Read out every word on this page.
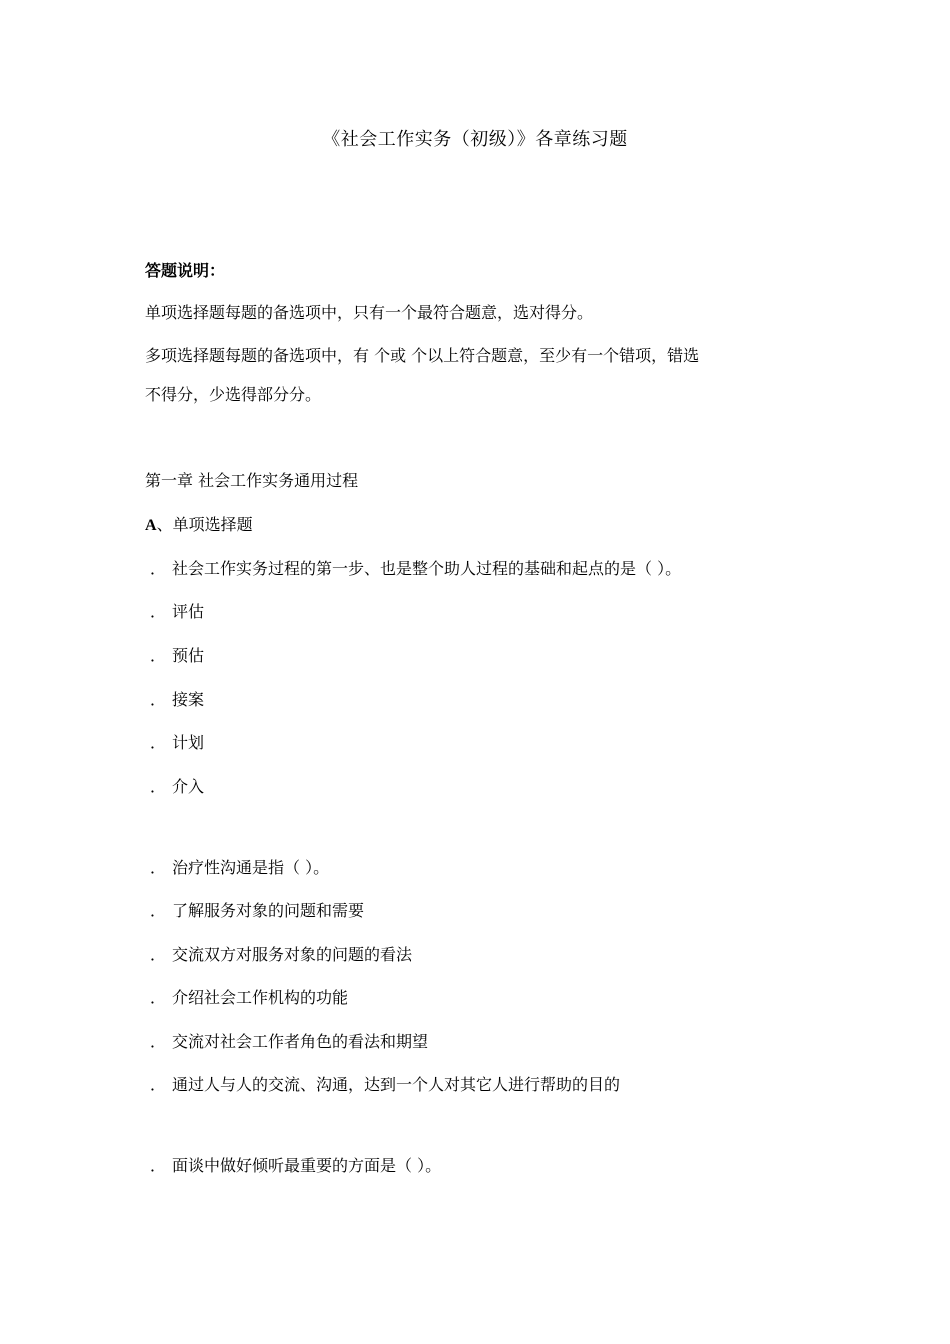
《社会工作实务（初级）》各章练习题
答题说明：
单项选择题每题的备选项中，只有一个最符合题意，选对得分。
多项选择题每题的备选项中，有 个或 个以上符合题意，至少有一个错项，错选
不得分，少选得部分分。
第一章 社会工作实务通用过程
A、单项选择题
． 社会工作实务过程的第一步、也是整个助人过程的基础和起点的是（ ）。
． 评估
． 预估
． 接案
． 计划
． 介入
． 治疗性沟通是指（ ）。
． 了解服务对象的问题和需要
． 交流双方对服务对象的问题的看法
． 介绍社会工作机构的功能
． 交流对社会工作者角色的看法和期望
． 通过人与人的交流、沟通，达到一个人对其它人进行帮助的目的
． 面谈中做好倾听最重要的方面是（ ）。
